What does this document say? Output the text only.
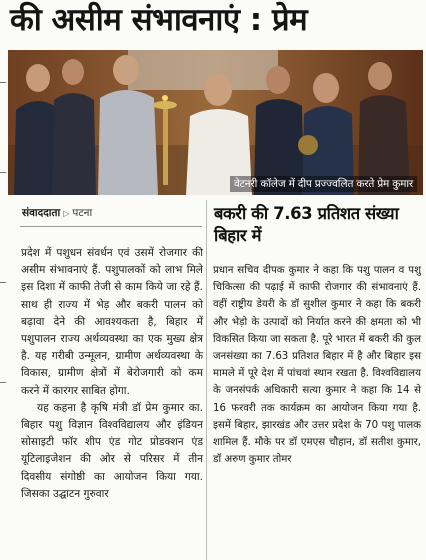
की असीम संभावनाएं : प्रेम
वेटनरी कॉलेज में दीप प्रज्ज्वलित करते प्रेम कुमार
संवाददाता ▷ पटना	बकरी की 7.63 प्रतिशत संख्या बिहार में

प्रदेश में पशुधन संवर्धन एवं उसमें रोजगार की असीम संभावनाएं हैं. पशुपालकों को लाभ मिले इस दिशा में काफी तेजी से काम किये जा रहे हैं. साथ ही राज्य में भेड़ और बकरी पालन को बढ़ावा देने की आवश्यकता है, बिहार में पशुपालन राज्य अर्थव्यवस्था का एक मुख्य क्षेत्र है. यह गरीबी उन्मूलन, ग्रामीण अर्थव्यवस्था के विकास, ग्रामीण क्षेत्रों में बेरोजगारी को कम करने में कारगर साबित होगा.

यह कहना है कृषि मंत्री डॉ प्रेम कुमार का. बिहार पशु विज्ञान विश्वविद्यालय और इंडियन सोसाइटी फॉर शीप एंड गोट प्रोडक्शन एंड यूटिलाइजेशन की ओर से परिसर में तीन दिवसीय संगोष्ठी का आयोजन किया गया. जिसका उद्घाटन गुरुवार

प्रधान सचिव दीपक कुमार ने कहा कि पशु पालन व पशु चिकित्सा की पढ़ाई में काफी रोजगार की संभावनाएं हैं. वहीं राष्ट्रीय डेयरी के डॉ सुशील कुमार ने कहा कि बकरी और भेड़ो के उत्पादों को निर्यात करने की क्षमता को भी विकसित किया जा सकता है. पूरे भारत में बकरी की कुल जनसंख्या का 7.63 प्रतिशत बिहार में है और बिहार इस मामले में पूरे देश में पांचवां स्थान रखता है. विश्वविद्यालय के जनसंपर्क अधिकारी सत्या कुमार ने कहा कि 14 से 16 फरवरी तक कार्यक्रम का आयोजन किया गया है. इसमें बिहार, झारखंड और उत्तर प्रदेश के 70 पशु पालक शामिल हैं. मौके पर डॉ एमएस चौहान, डॉ सतीश कुमार, डॉ अरुण कुमार तोमर
